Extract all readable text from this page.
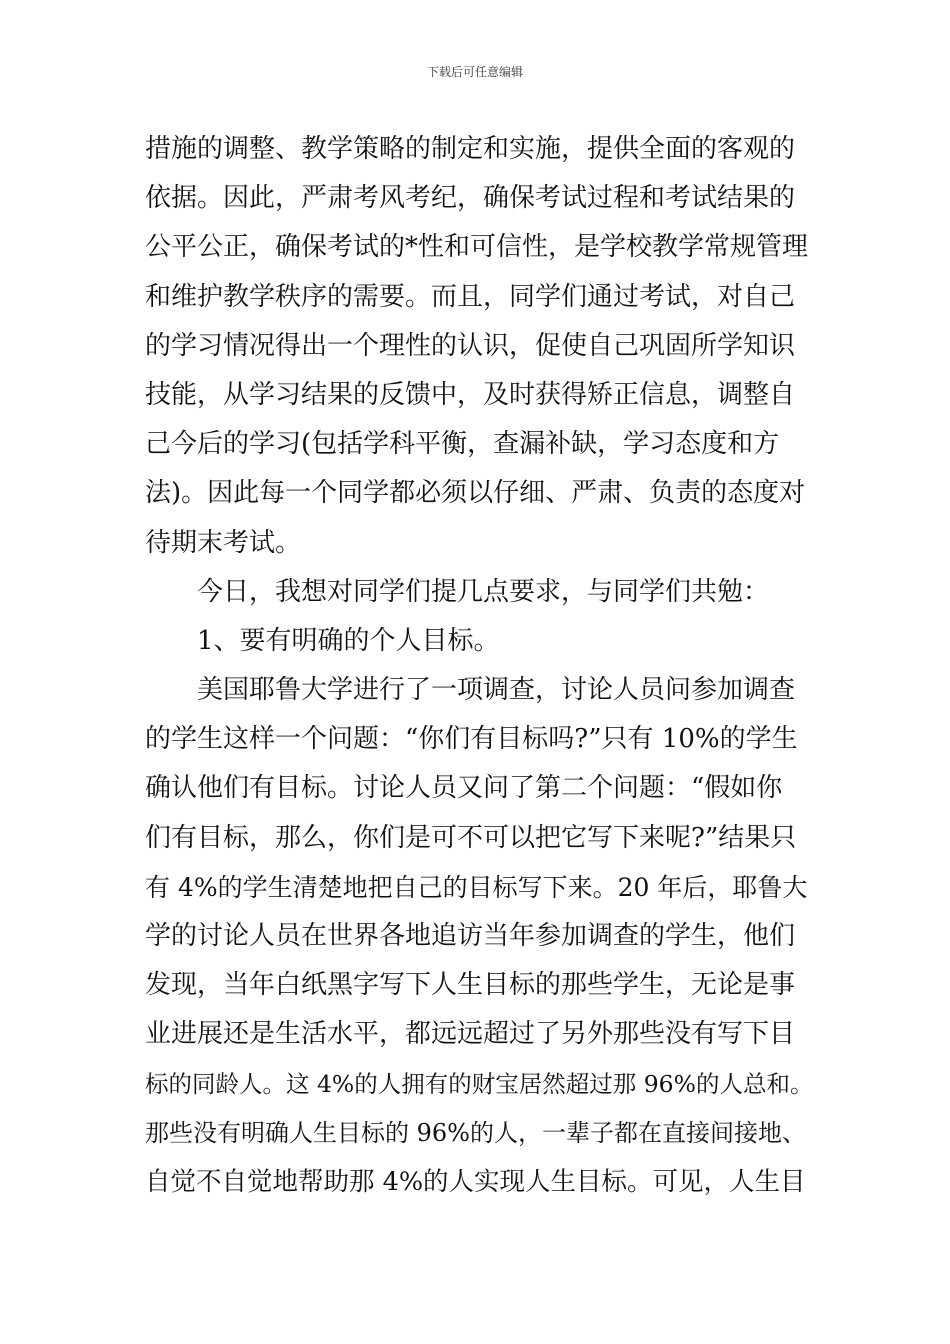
下载后可任意编辑
措施的调整、教学策略的制定和实施，提供全面的客观的
依据。因此，严肃考风考纪，确保考试过程和考试结果的
公平公正，确保考试的*性和可信性，是学校教学常规管理
和维护教学秩序的需要。而且，同学们通过考试，对自己
的学习情况得出一个理性的认识，促使自己巩固所学知识
技能，从学习结果的反馈中，及时获得矫正信息，调整自
己今后的学习(包括学科平衡，查漏补缺，学习态度和方
法)。因此每一个同学都必须以仔细、严肃、负责的态度对
待期末考试。
今日，我想对同学们提几点要求，与同学们共勉：
1、要有明确的个人目标。
美国耶鲁大学进行了一项调查，讨论人员问参加调查
的学生这样一个问题：“你们有目标吗?”只有 10%的学生
确认他们有目标。讨论人员又问了第二个问题：“假如你
们有目标，那么，你们是可不可以把它写下来呢?”结果只
有 4%的学生清楚地把自己的目标写下来。20 年后，耶鲁大
学的讨论人员在世界各地追访当年参加调查的学生，他们
发现，当年白纸黑字写下人生目标的那些学生，无论是事
业进展还是生活水平，都远远超过了另外那些没有写下目
标的同龄人。这 4%的人拥有的财宝居然超过那 96%的人总和。
那些没有明确人生目标的 96%的人，一辈子都在直接间接地、
自觉不自觉地帮助那 4%的人实现人生目标。可见，人生目
